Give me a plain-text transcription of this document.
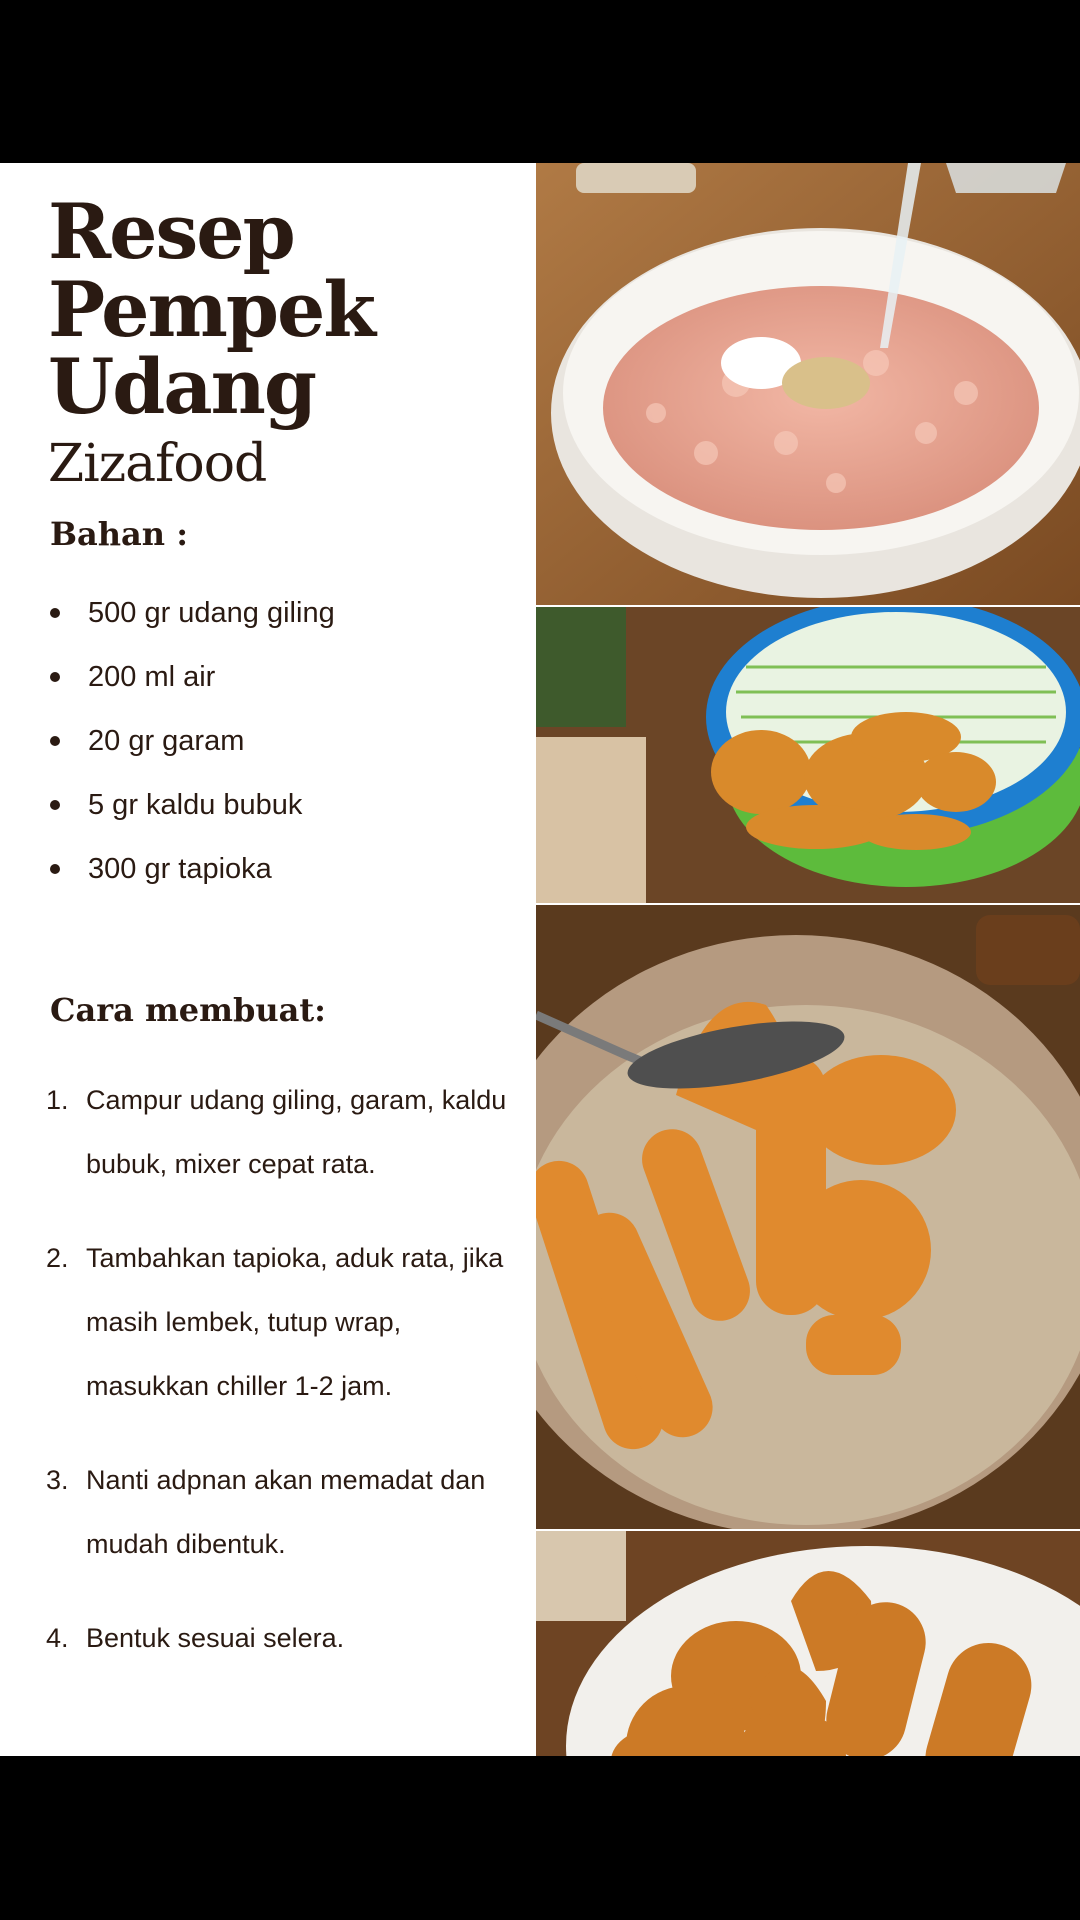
Resep
Pempek Udang
Zizafood
Bahan :
500 gr udang giling
200 ml air
20 gr garam
5 gr kaldu bubuk
300 gr tapioka
Cara membuat:
1. Campur udang giling, garam, kaldu bubuk, mixer cepat rata.
2. Tambahkan tapioka, aduk rata, jika masih lembek, tutup wrap, masukkan chiller 1-2 jam.
3. Nanti adpnan akan memadat dan mudah dibentuk.
4. Bentuk sesuai selera.
